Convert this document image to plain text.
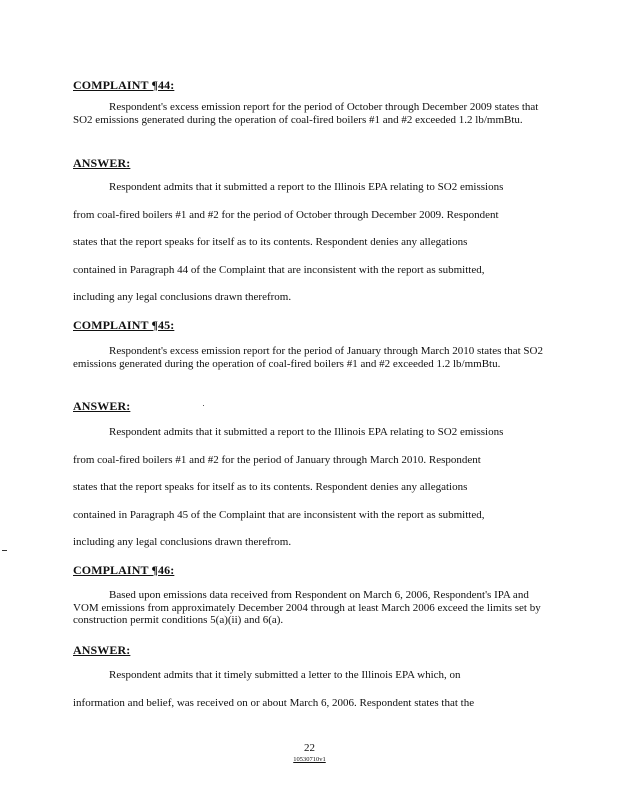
COMPLAINT ¶44:
Respondent's excess emission report for the period of October through December 2009 states that SO2 emissions generated during the operation of coal-fired boilers #1 and #2 exceeded 1.2 lb/mmBtu.
ANSWER:
Respondent admits that it submitted a report to the Illinois EPA relating to SO2 emissions
from coal-fired boilers #1 and #2 for the period of October through December 2009. Respondent
states that the report speaks for itself as to its contents. Respondent denies any allegations
contained in Paragraph 44 of the Complaint that are inconsistent with the report as submitted,
including any legal conclusions drawn therefrom.
COMPLAINT ¶45:
Respondent's excess emission report for the period of January through March 2010 states that SO2 emissions generated during the operation of coal-fired boilers #1 and #2 exceeded 1.2 lb/mmBtu.
ANSWER:
Respondent admits that it submitted a report to the Illinois EPA relating to SO2 emissions
from coal-fired boilers #1 and #2 for the period of January through March 2010. Respondent
states that the report speaks for itself as to its contents. Respondent denies any allegations
contained in Paragraph 45 of the Complaint that are inconsistent with the report as submitted,
including any legal conclusions drawn therefrom.
COMPLAINT ¶46:
Based upon emissions data received from Respondent on March 6, 2006, Respondent's IPA and VOM emissions from approximately December 2004 through at least March 2006 exceed the limits set by construction permit conditions 5(a)(ii) and 6(a).
ANSWER:
Respondent admits that it timely submitted a letter to the Illinois EPA which, on
information and belief, was received on or about March 6, 2006. Respondent states that the
22
10530710v1
